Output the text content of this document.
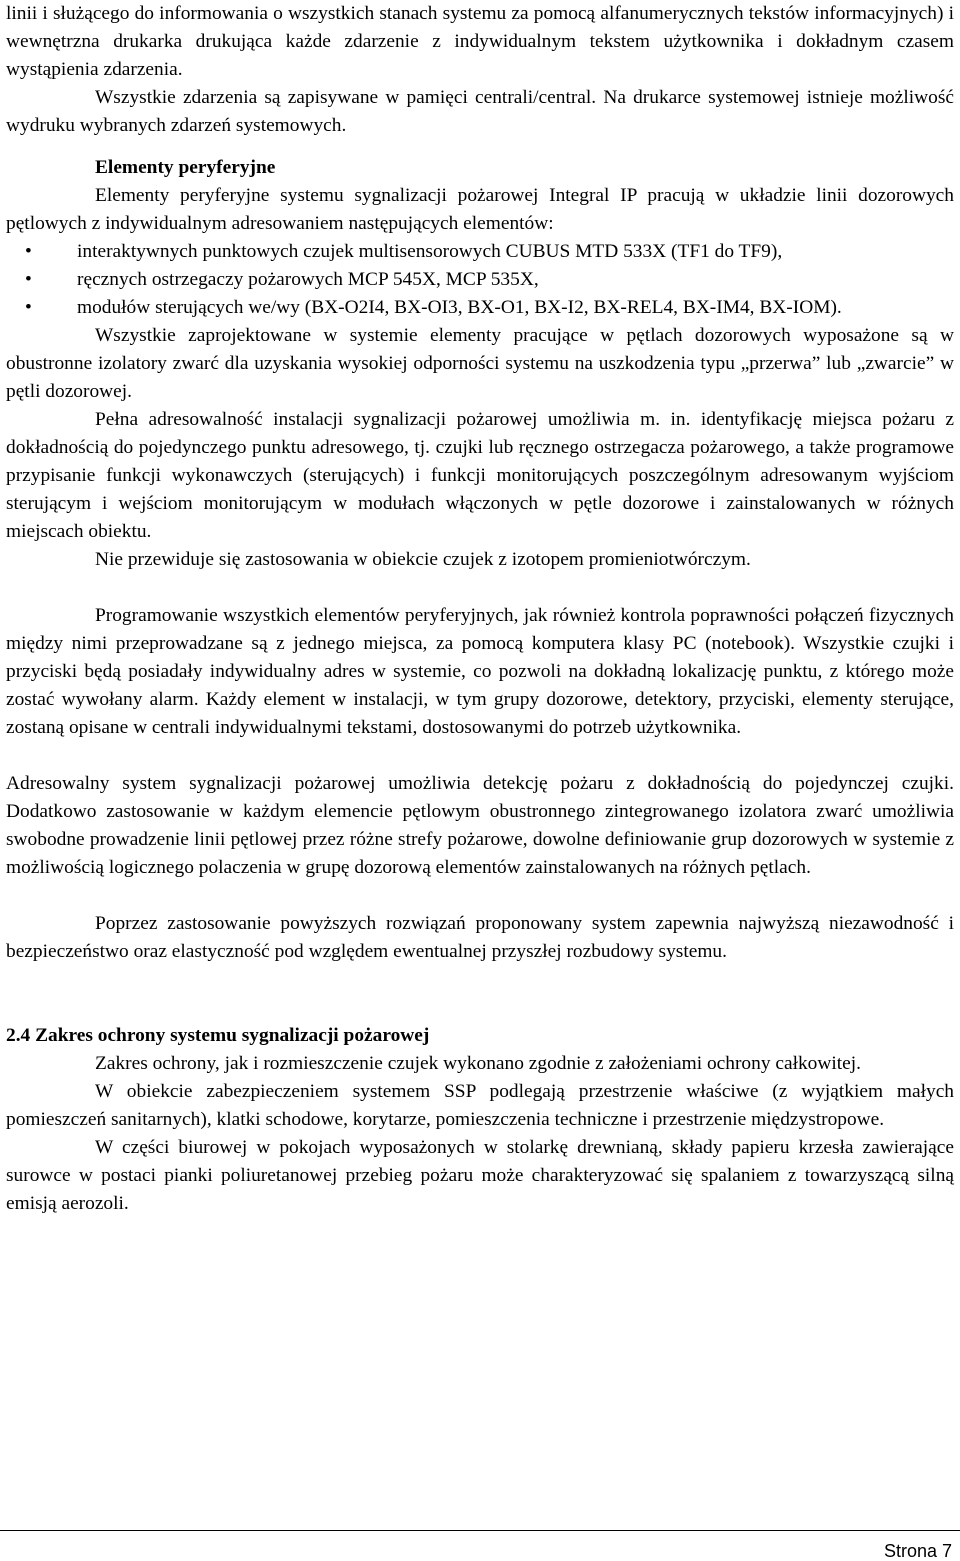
linii i służącego do informowania o wszystkich stanach systemu za pomocą alfanumerycznych tekstów informacyjnych) i wewnętrzna drukarka drukująca każde zdarzenie z indywidualnym tekstem użytkownika i dokładnym czasem wystąpienia zdarzenia.

Wszystkie zdarzenia są zapisywane w pamięci centrali/central. Na drukarce systemowej istnieje możliwość wydruku wybranych zdarzeń systemowych.

Elementy peryferyjne

Elementy peryferyjne systemu sygnalizacji pożarowej Integral IP pracują w układzie linii dozorowych pętlowych z indywidualnym adresowaniem następujących elementów:

• interaktywnych punktowych czujek multisensorowych CUBUS MTD 533X (TF1 do TF9),
• ręcznych ostrzegaczy pożarowych MCP 545X, MCP 535X,
• modułów sterujących we/wy (BX-O2I4, BX-OI3, BX-O1, BX-I2, BX-REL4, BX-IM4, BX-IOM).

Wszystkie zaprojektowane w systemie elementy pracujące w pętlach dozorowych wyposażone są w obustronne izolatory zwarć dla uzyskania wysokiej odporności systemu na uszkodzenia typu „przerwa” lub „zwarcie” w pętli dozorowej.

Pełna adresowalność instalacji sygnalizacji pożarowej umożliwia m. in. identyfikację miejsca pożaru z dokładnością do pojedynczego punktu adresowego, tj. czujki lub ręcznego ostrzegacza pożarowego, a także programowe przypisanie funkcji wykonawczych (sterujących) i funkcji monitorujących poszczególnym adresowanym wyjściom sterującym i wejściom monitorującym w modułach włączonych w pętle dozorowe i zainstalowanych w różnych miejscach obiektu.

Nie przewiduje się zastosowania w obiekcie czujek z izotopem promieniotwórczym.

Programowanie wszystkich elementów peryferyjnych, jak również kontrola poprawności połączeń fizycznych między nimi przeprowadzane są z jednego miejsca, za pomocą komputera klasy PC (notebook). Wszystkie czujki i przyciski będą posiadały indywidualny adres w systemie, co pozwoli na dokładną lokalizację punktu, z którego może zostać wywołany alarm. Każdy element w instalacji, w tym grupy dozorowe, detektory, przyciski, elementy sterujące, zostaną opisane w centrali indywidualnymi tekstami, dostosowanymi do potrzeb użytkownika.

Adresowalny system sygnalizacji pożarowej umożliwia detekcję pożaru z dokładnością do pojedynczej czujki. Dodatkowo zastosowanie w każdym elemencie pętlowym obustronnego zintegrowanego izolatora zwarć umożliwia swobodne prowadzenie linii pętlowej przez różne strefy pożarowe, dowolne definiowanie grup dozorowych w systemie z możliwością logicznego polaczenia w grupę dozorową elementów zainstalowanych na różnych pętlach.

Poprzez zastosowanie powyższych rozwiązań proponowany system zapewnia najwyższą niezawodność i bezpieczeństwo oraz elastyczność pod względem ewentualnej przyszłej rozbudowy systemu.

2.4 Zakres ochrony systemu sygnalizacji pożarowej

Zakres ochrony, jak i rozmieszczenie czujek wykonano zgodnie z założeniami ochrony całkowitej.

W obiekcie zabezpieczeniem systemem SSP podlegają przestrzenie właściwe (z wyjątkiem małych pomieszczeń sanitarnych), klatki schodowe, korytarze, pomieszczenia techniczne i przestrzenie międzystropowe.

W części biurowej w pokojach wyposażonych w stolarkę drewnianą, składy papieru krzesła zawierające surowce w postaci pianki poliuretanowej przebieg pożaru może charakteryzować się spalaniem z towarzyszącą silną emisją aerozoli.

Strona 7
